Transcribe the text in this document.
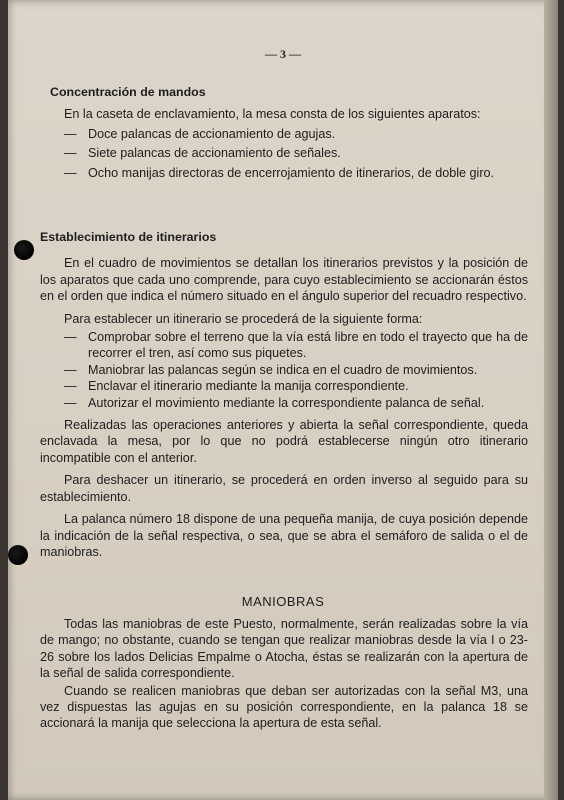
— 3 —
Concentración de mandos
En la caseta de enclavamiento, la mesa consta de los siguientes aparatos:
— Doce palancas de accionamiento de agujas.
— Siete palancas de accionamiento de señales.
— Ocho manijas directoras de encerrojamiento de itinerarios, de doble giro.
Establecimiento de itinerarios
En el cuadro de movimientos se detallan los itinerarios previstos y la posición de los aparatos que cada uno comprende, para cuyo establecimiento se accionarán éstos en el orden que indica el número situado en el ángulo superior del recuadro respectivo.
Para establecer un itinerario se procederá de la siguiente forma:
— Comprobar sobre el terreno que la vía está libre en todo el trayecto que ha de recorrer el tren, así como sus piquetes.
— Maniobrar las palancas según se indica en el cuadro de movimientos.
— Enclavar el itinerario mediante la manija correspondiente.
— Autorizar el movimiento mediante la correspondiente palanca de señal.
Realizadas las operaciones anteriores y abierta la señal correspondiente, queda enclavada la mesa, por lo que no podrá establecerse ningún otro itinerario incompatible con el anterior.
Para deshacer un itinerario, se procederá en orden inverso al seguido para su establecimiento.
La palanca número 18 dispone de una pequeña manija, de cuya posición depende la indicación de la señal respectiva, o sea, que se abra el semáforo de salida o el de maniobras.
MANIOBRAS
Todas las maniobras de este Puesto, normalmente, serán realizadas sobre la vía de mango; no obstante, cuando se tengan que realizar maniobras desde la vía I o 23-26 sobre los lados Delicias Empalme o Atocha, éstas se realizarán con la apertura de la señal de salida correspondiente.
Cuando se realicen maniobras que deban ser autorizadas con la señal M3, una vez dispuestas las agujas en su posición correspondiente, en la palanca 18 se accionará la manija que selecciona la apertura de esta señal.
